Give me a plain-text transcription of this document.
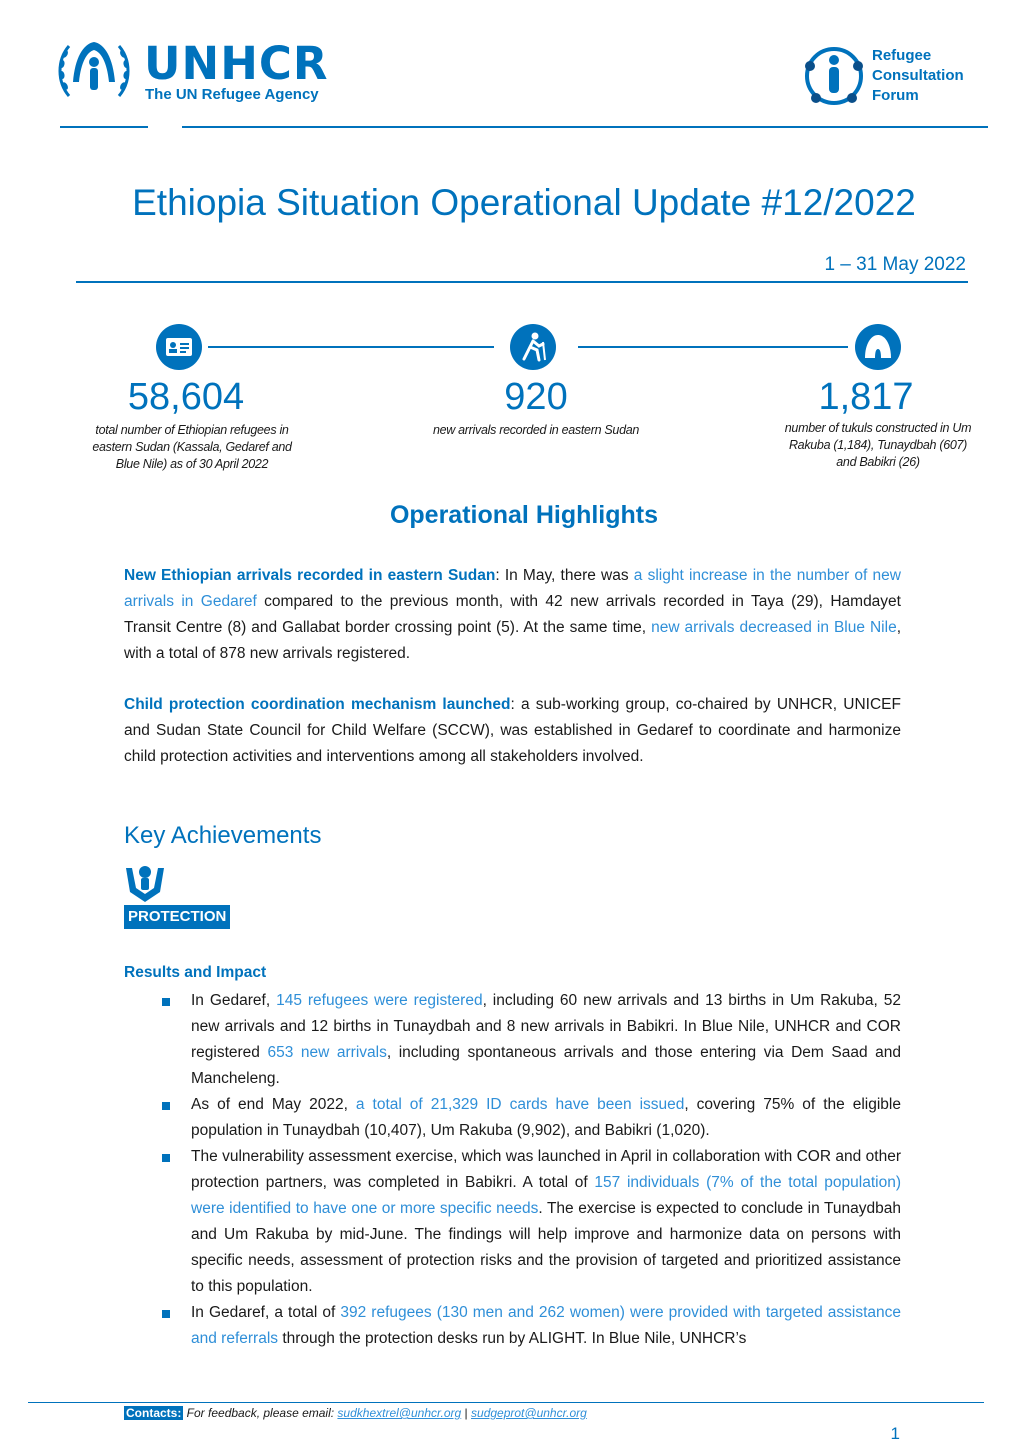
UNHCR
The UN Refugee Agency
Refugee
Consultation
Forum
Ethiopia Situation Operational Update #12/2022
1 – 31 May 2022
58,604
total number of Ethiopian refugees in eastern Sudan (Kassala, Gedaref and Blue Nile) as of 30 April 2022
920
new arrivals recorded in eastern Sudan
1,817
number of tukuls constructed in Um Rakuba (1,184), Tunaydbah (607) and Babikri (26)
Operational Highlights

New Ethiopian arrivals recorded in eastern Sudan: In May, there was a slight increase in the number of new arrivals in Gedaref compared to the previous month, with 42 new arrivals recorded in Taya (29), Hamdayet Transit Centre (8) and Gallabat border crossing point (5). At the same time, new arrivals decreased in Blue Nile, with a total of 878 new arrivals registered.

Child protection coordination mechanism launched: a sub-working group, co-chaired by UNHCR, UNICEF and Sudan State Council for Child Welfare (SCCW), was established in Gedaref to coordinate and harmonize child protection activities and interventions among all stakeholders involved.

Key Achievements
PROTECTION
Results and Impact
In Gedaref, 145 refugees were registered, including 60 new arrivals and 13 births in Um Rakuba, 52 new arrivals and 12 births in Tunaydbah and 8 new arrivals in Babikri. In Blue Nile, UNHCR and COR registered 653 new arrivals, including spontaneous arrivals and those entering via Dem Saad and Mancheleng.
As of end May 2022, a total of 21,329 ID cards have been issued, covering 75% of the eligible population in Tunaydbah (10,407), Um Rakuba (9,902), and Babikri (1,020).
The vulnerability assessment exercise, which was launched in April in collaboration with COR and other protection partners, was completed in Babikri. A total of 157 individuals (7% of the total population) were identified to have one or more specific needs. The exercise is expected to conclude in Tunaydbah and Um Rakuba by mid-June. The findings will help improve and harmonize data on persons with specific needs, assessment of protection risks and the provision of targeted and prioritized assistance to this population.
In Gedaref, a total of 392 refugees (130 men and 262 women) were provided with targeted assistance and referrals through the protection desks run by ALIGHT. In Blue Nile, UNHCR’s
Contacts: For feedback, please email: sudkhextrel@unhcr.org | sudgeprot@unhcr.org
1
